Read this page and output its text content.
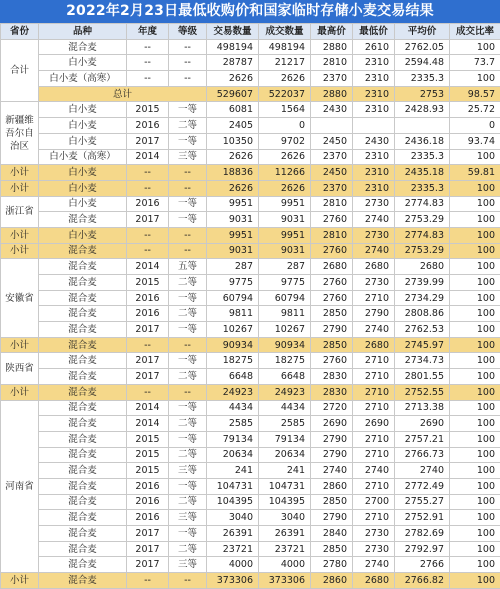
2022年2月23日最低收购价和国家临时存储小麦交易结果
省份	品种	年度	等级	交易数量	成交数量	最高价	最低价	平均价	成交比率
合计	混合麦	--	--	498194	498194	2880	2610	2762.05	100
	白小麦	--	--	28787	21217	2810	2310	2594.48	73.7
	白小麦（高寒）	--	--	2626	2626	2370	2310	2335.3	100
	总计			529607	522037	2880	2310	2753	98.57
新疆维吾尔自治区	白小麦	2015	一等	6081	1564	2430	2310	2428.93	25.72
	白小麦	2016	二等	2405	0				0
	白小麦	2017	一等	10350	9702	2450	2430	2436.18	93.74
	白小麦（高寒）	2014	三等	2626	2626	2370	2310	2335.3	100
小计	白小麦	--	--	18836	11266	2450	2310	2435.18	59.81
小计	白小麦	--	--	2626	2626	2370	2310	2335.3	100
浙江省	白小麦	2016	一等	9951	9951	2810	2730	2774.83	100
	混合麦	2017	一等	9031	9031	2760	2740	2753.29	100
小计	白小麦	--	--	9951	9951	2810	2730	2774.83	100
小计	混合麦	--	--	9031	9031	2760	2740	2753.29	100
安徽省	混合麦	2014	五等	287	287	2680	2680	2680	100
	混合麦	2015	二等	9775	9775	2760	2730	2739.99	100
	混合麦	2016	一等	60794	60794	2760	2710	2734.29	100
	混合麦	2016	二等	9811	9811	2850	2790	2808.86	100
	混合麦	2017	一等	10267	10267	2790	2740	2762.53	100
小计	混合麦	--	--	90934	90934	2850	2680	2745.97	100
陕西省	混合麦	2017	一等	18275	18275	2760	2710	2734.73	100
	混合麦	2017	二等	6648	6648	2830	2710	2801.55	100
小计	混合麦	--	--	24923	24923	2830	2710	2752.55	100
河南省	混合麦	2014	一等	4434	4434	2720	2710	2713.38	100
	混合麦	2014	二等	2585	2585	2690	2690	2690	100
	混合麦	2015	一等	79134	79134	2790	2710	2757.21	100
	混合麦	2015	二等	20634	20634	2790	2710	2766.73	100
	混合麦	2015	三等	241	241	2740	2740	2740	100
	混合麦	2016	一等	104731	104731	2860	2710	2772.49	100
	混合麦	2016	二等	104395	104395	2850	2700	2755.27	100
	混合麦	2016	三等	3040	3040	2790	2710	2752.91	100
	混合麦	2017	一等	26391	26391	2840	2730	2782.69	100
	混合麦	2017	二等	23721	23721	2850	2730	2792.97	100
	混合麦	2017	三等	4000	4000	2780	2740	2766	100
小计	混合麦	--	--	373306	373306	2860	2680	2766.82	100
